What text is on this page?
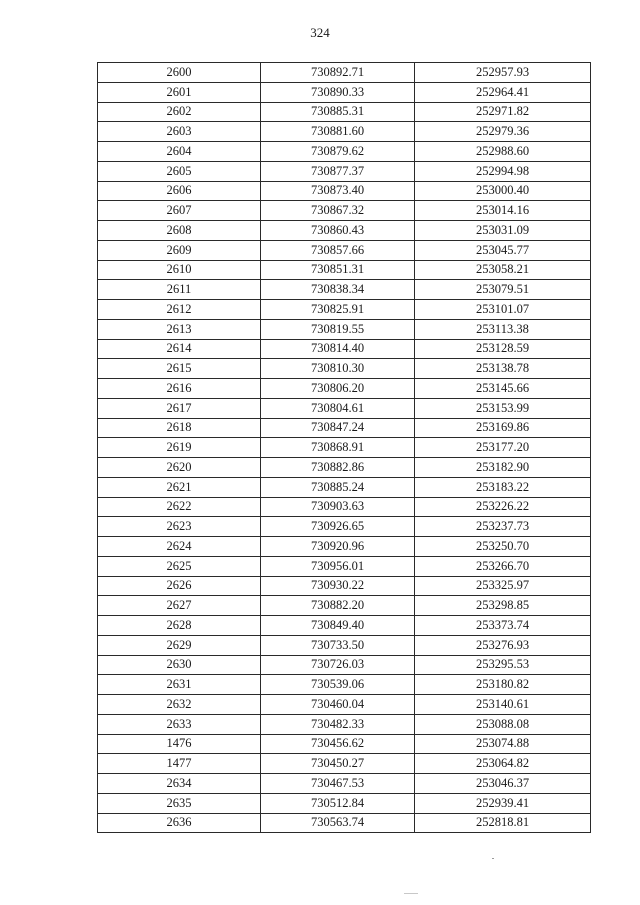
324
2600	730892.71	252957.93
2601	730890.33	252964.41
2602	730885.31	252971.82
2603	730881.60	252979.36
2604	730879.62	252988.60
2605	730877.37	252994.98
2606	730873.40	253000.40
2607	730867.32	253014.16
2608	730860.43	253031.09
2609	730857.66	253045.77
2610	730851.31	253058.21
2611	730838.34	253079.51
2612	730825.91	253101.07
2613	730819.55	253113.38
2614	730814.40	253128.59
2615	730810.30	253138.78
2616	730806.20	253145.66
2617	730804.61	253153.99
2618	730847.24	253169.86
2619	730868.91	253177.20
2620	730882.86	253182.90
2621	730885.24	253183.22
2622	730903.63	253226.22
2623	730926.65	253237.73
2624	730920.96	253250.70
2625	730956.01	253266.70
2626	730930.22	253325.97
2627	730882.20	253298.85
2628	730849.40	253373.74
2629	730733.50	253276.93
2630	730726.03	253295.53
2631	730539.06	253180.82
2632	730460.04	253140.61
2633	730482.33	253088.08
1476	730456.62	253074.88
1477	730450.27	253064.82
2634	730467.53	253046.37
2635	730512.84	252939.41
2636	730563.74	252818.81
